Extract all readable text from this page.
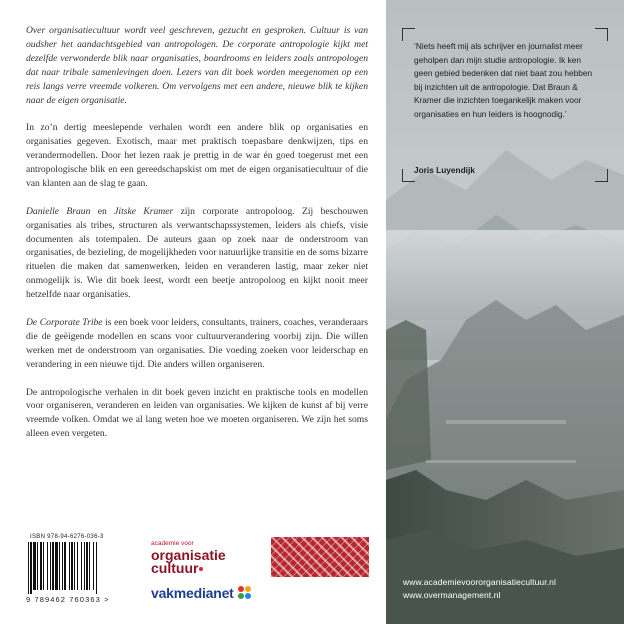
Over organisatiecultuur wordt veel geschreven, gezucht en gesproken. Cultuur is van oudsher het aandachtsgebied van antropologen. De corporate antropologie kijkt met dezelfde verwonderde blik naar organisaties, boardrooms en leiders zoals antropologen dat naar tribale samenlevingen doen. Lezers van dit boek worden meegenomen op een reis langs verre vreemde volkeren. Om vervolgens met een andere, nieuwe blik te kijken naar de eigen organisatie.

In zo’n dertig meeslepende verhalen wordt een andere blik op organisaties en organisaties gegeven. Exotisch, maar met praktisch toepasbare denkwijzen, tips en verandermodellen. Door het lezen raak je prettig in de war én goed toegerust met een antropologische blik en een gereedschapskist om met de eigen organisatiecultuur of die van klanten aan de slag te gaan.

Danielle Braun en Jitske Kramer zijn corporate antropoloog. Zij beschouwen organisaties als tribes, structuren als verwantschapssystemen, leiders als chiefs, visie documenten als totempalen. De auteurs gaan op zoek naar de onderstroom van organisaties, de bezieling, de mogelijkheden voor natuurlijke transitie en de soms bizarre rituelen die maken dat samenwerken, leiden en veranderen lastig, maar zeker niet onmogelijk is. Wie dit boek leest, wordt een beetje antropoloog en kijkt nooit meer hetzelfde naar organisaties.

De Corporate Tribe is een boek voor leiders, consultants, trainers, coaches, veranderaars die de geëigende modellen en scans voor cultuurverandering voorbij zijn. Die willen werken met de onderstroom van organisaties. Die voeding zoeken voor leiderschap en verandering in een nieuwe tijd. Die anders willen organiseren.

De antropologische verhalen in dit boek geven inzicht en praktische tools en modellen voor organiseren, veranderen en leiden van organisaties. We kijken de kunst af bij verre vreemde volken. Omdat we al lang weten hoe we moeten organiseren. We zijn het soms alleen even vergeten.

ISBN 978-94-6276-036-3
9 789462 760363 >
academie voor
organisatie
cultuur
vakmedianet
‘Niets heeft mij als schrijver en journalist meer geholpen dan mijn studie antropologie. Ik ken geen gebied bedenken dat niet baat zou hebben bij inzichten uit de antropologie. Dat Braun & Kramer die inzichten toegankelijk maken voor organisaties en hun leiders is hoognodig.’
Joris Luyendijk
www.academievoororganisatiecultuur.nl
www.overmanagement.nl
